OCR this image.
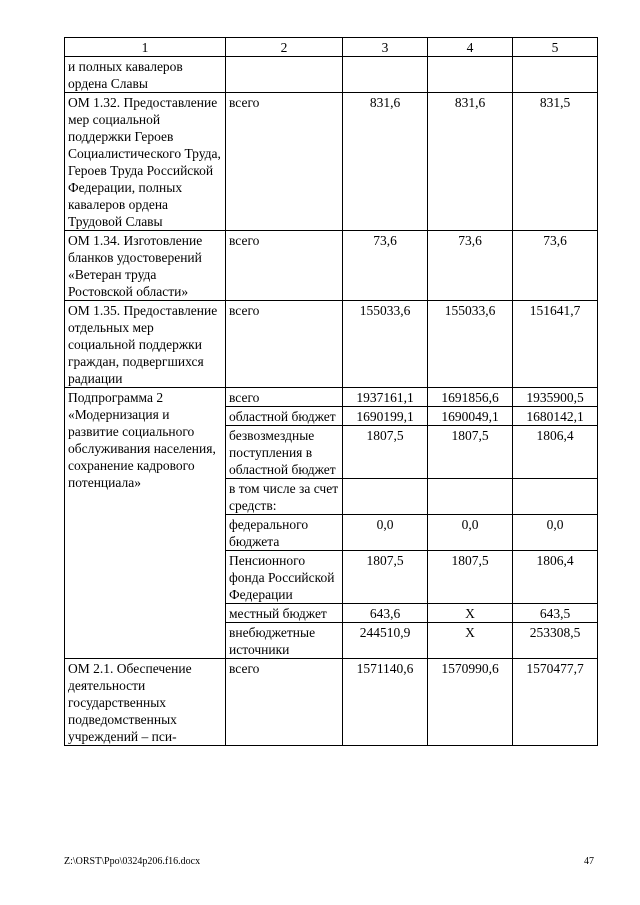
1	2	3	4	5
и полных кавалеров ордена Славы				
ОМ 1.32. Предоставление мер социальной поддержки Героев Социалистического Труда, Героев Труда Российской Федерации, полных кавалеров ордена Трудовой Славы	всего	831,6	831,6	831,5
ОМ 1.34. Изготовление бланков удостоверений «Ветеран труда Ростовской области»	всего	73,6	73,6	73,6
ОМ 1.35. Предоставление отдельных мер социальной поддержки граждан, подвергшихся радиации	всего	155033,6	155033,6	151641,7
Подпрограмма 2 «Модернизация и развитие социального обслуживания населения, сохранение кадрового потенциала»	всего	1937161,1	1691856,6	1935900,5
	областной бюджет	1690199,1	1690049,1	1680142,1
	безвозмездные поступления в областной бюджет	1807,5	1807,5	1806,4
	в том числе за счет средств:			
	федерального бюджета	0,0	0,0	0,0
	Пенсионного фонда Российской Федерации	1807,5	1807,5	1806,4
	местный бюджет	643,6	Х	643,5
	внебюджетные источники	244510,9	Х	253308,5
ОМ 2.1. Обеспечение деятельности государственных подведомственных учреждений – пси-	всего	1571140,6	1570990,6	1570477,7
Z:\ORST\Ppo\0324p206.f16.docx	47
